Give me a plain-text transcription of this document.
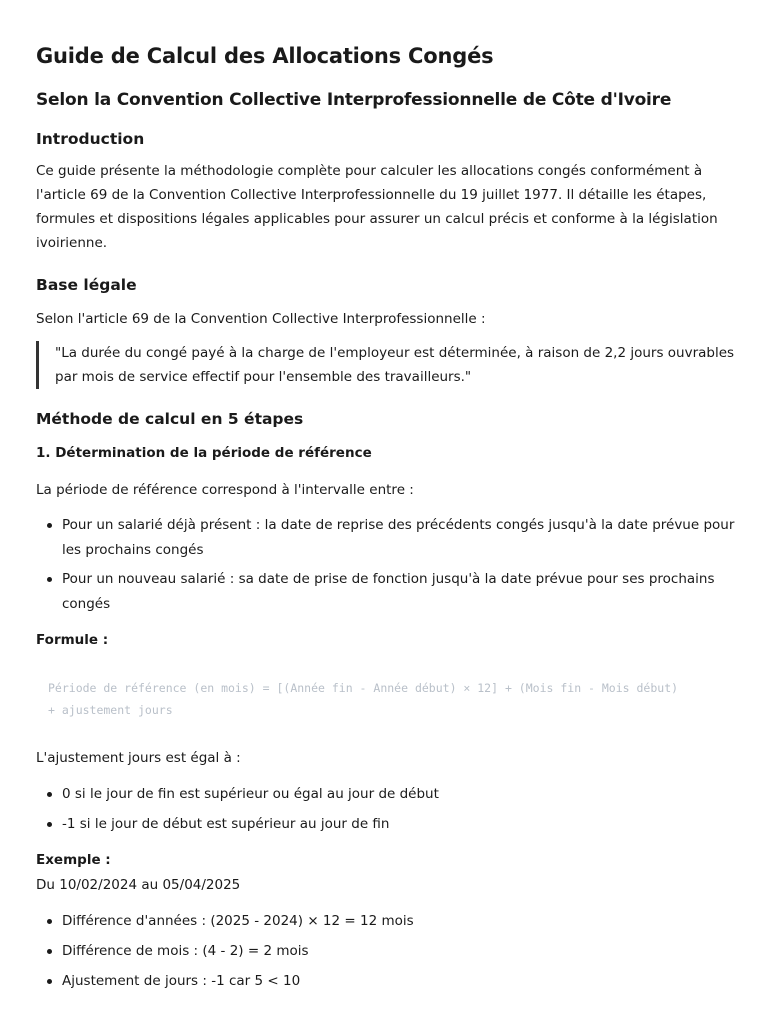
Guide de Calcul des Allocations Congés
Selon la Convention Collective Interprofessionnelle de Côte d'Ivoire
Introduction
Ce guide présente la méthodologie complète pour calculer les allocations congés conformément à
l'article 69 de la Convention Collective Interprofessionnelle du 19 juillet 1977. Il détaille les étapes,
formules et dispositions légales applicables pour assurer un calcul précis et conforme à la législation
ivoirienne.
Base légale
Selon l'article 69 de la Convention Collective Interprofessionnelle :
"La durée du congé payé à la charge de l'employeur est déterminée, à raison de 2,2 jours ouvrables
par mois de service effectif pour l'ensemble des travailleurs."
Méthode de calcul en 5 étapes
1. Détermination de la période de référence
La période de référence correspond à l'intervalle entre :
Pour un salarié déjà présent : la date de reprise des précédents congés jusqu'à la date prévue pour
les prochains congés
Pour un nouveau salarié : sa date de prise de fonction jusqu'à la date prévue pour ses prochains
congés
Formule :
Période de référence (en mois) = [(Année fin - Année début) × 12] + (Mois fin - Mois début)
+ ajustement jours
L'ajustement jours est égal à :
0 si le jour de fin est supérieur ou égal au jour de début
-1 si le jour de début est supérieur au jour de fin
Exemple :
Du 10/02/2024 au 05/04/2025
Différence d'années : (2025 - 2024) × 12 = 12 mois
Différence de mois : (4 - 2) = 2 mois
Ajustement de jours : -1 car 5 < 10
